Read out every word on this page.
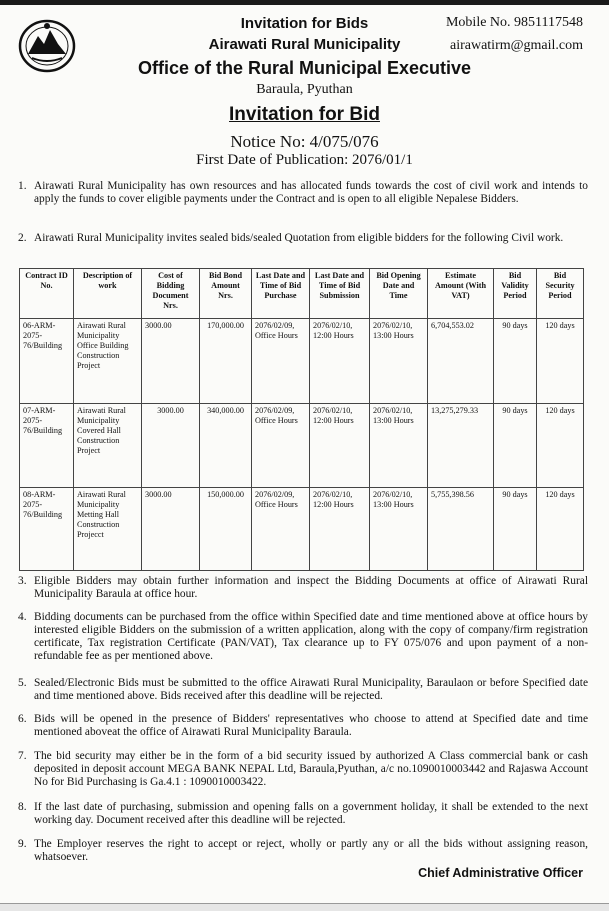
Invitation for Bids
Airawati Rural Municipality
Office of the Rural Municipal Executive
Baraula, Pyuthan
Mobile No. 9851117548
airawatirm@gmail.com
Invitation for Bid
Notice No: 4/075/076
First Date of Publication: 2076/01/1
1. Airawati Rural Municipality has own resources and has allocated funds towards the cost of civil work and intends to apply the funds to cover eligible payments under the Contract and is open to all eligible Nepalese Bidders.
2. Airawati Rural Municipality invites sealed bids/sealed Quotation from eligible bidders for the following Civil work.
Contract ID No.	Description of work	Cost of Bidding Document Nrs.	Bid Bond Amount Nrs.	Last Date and Time of Bid Purchase	Last Date and Time of Bid Submission	Bid Opening Date and Time	Estimate Amount (With VAT)	Bid Validity Period	Bid Security Period
06-ARM-2075-76/Building	Airawati Rural Municipality Office Building Construction Project	3000.00	170,000.00	2076/02/09, Office Hours	2076/02/10, 12:00 Hours	2076/02/10, 13:00 Hours	6,704,553.02	90 days	120 days
07-ARM-2075-76/Building	Airawati Rural Municipality Covered Hall Construction Project	3000.00	340,000.00	2076/02/09, Office Hours	2076/02/10, 12:00 Hours	2076/02/10, 13:00 Hours	13,275,279.33	90 days	120 days
08-ARM-2075-76/Building	Airawati Rural Municipality Metting Hall Construction Projecct	3000.00	150,000.00	2076/02/09, Office Hours	2076/02/10, 12:00 Hours	2076/02/10, 13:00 Hours	5,755,398.56	90 days	120 days
3. Eligible Bidders may obtain further information and inspect the Bidding Documents at office of Airawati Rural Municipality Baraula at office hour.
4. Bidding documents can be purchased from the office within Specified date and time mentioned above at office hours by interested eligible Bidders on the submission of a written application, along with the copy of company/firm registration certificate, Tax registration Certificate (PAN/VAT), Tax clearance up to FY 075/076 and upon payment of a non-refundable fee as per mentioned above.
5. Sealed/Electronic Bids must be submitted to the office Airawati Rural Municipality, Baraulaon or before Specified date and time mentioned above. Bids received after this deadline will be rejected.
6. Bids will be opened in the presence of Bidders' representatives who choose to attend at Specified date and time mentioned aboveat the office of Airawati Rural Municipality Baraula.
7. The bid security may either be in the form of a bid security issued by authorized A Class commercial bank or cash deposited in deposit account MEGA BANK NEPAL Ltd, Baraula,Pyuthan, a/c no.1090010003442 and Rajaswa Account No for Bid Purchasing is Ga.4.1 : 1090010003422.
8. If the last date of purchasing, submission and opening falls on a government holiday, it shall be extended to the next working day. Document received after this deadline will be rejected.
9. The Employer reserves the right to accept or reject, wholly or partly any or all the bids without assigning reason, whatsoever.
Chief Administrative Officer
